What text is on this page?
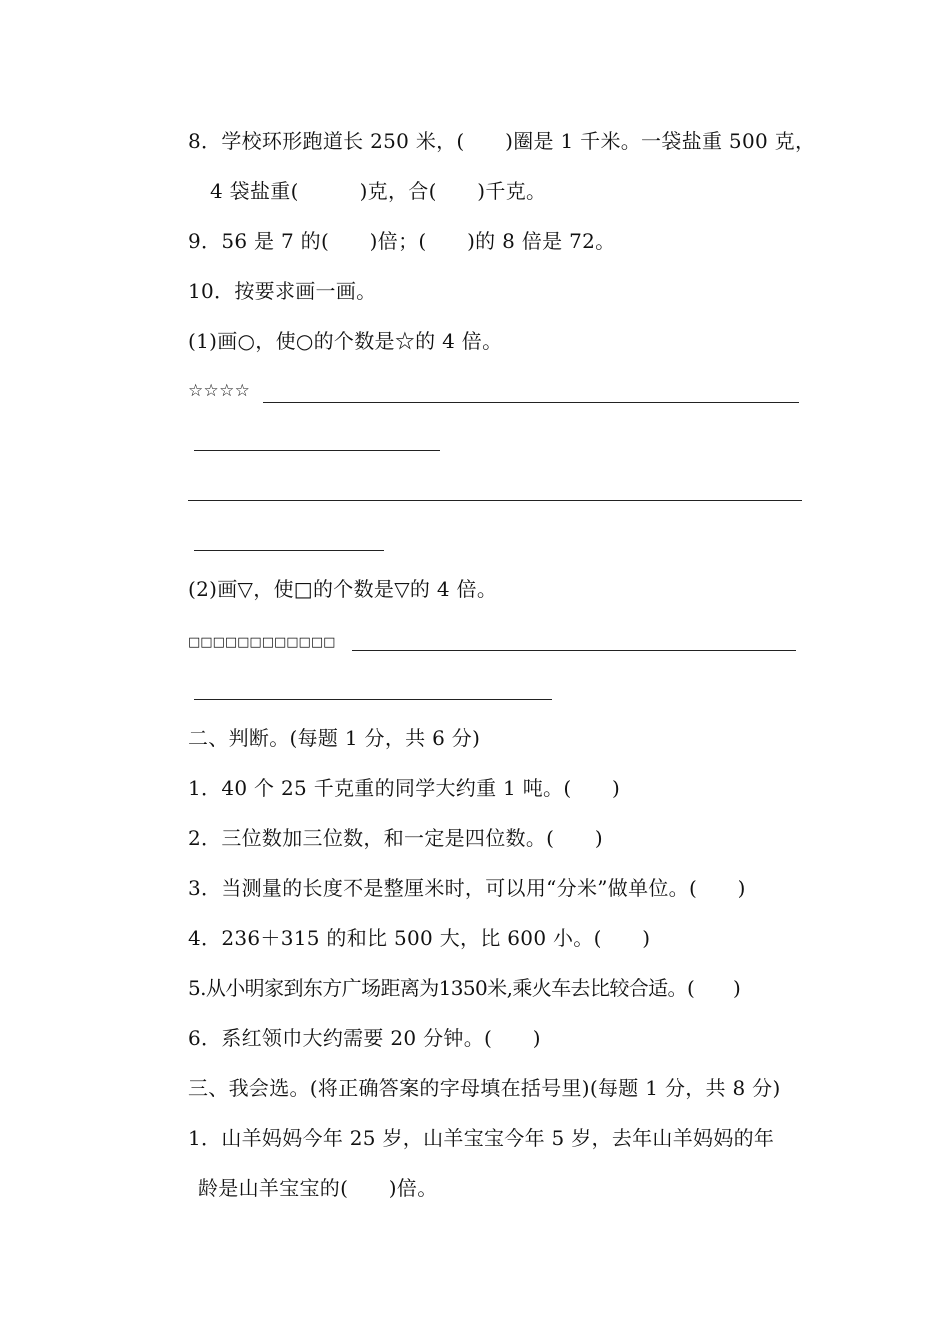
8．学校环形跑道长 250 米，(　　)圈是 1 千米。一袋盐重 500 克，
4 袋盐重(　　　)克，合(　　)千克。
9．56 是 7 的(　　)倍；(　　)的 8 倍是 72。
10．按要求画一画。
(1)画○，使○的个数是☆的 4 倍。
☆☆☆☆
(2)画▽，使□的个数是▽的 4 倍。
□□□□□□□□□□□□
二、判断。(每题 1 分，共 6 分)
1．40 个 25 千克重的同学大约重 1 吨。(　　)
2．三位数加三位数，和一定是四位数。(　　)
3．当测量的长度不是整厘米时，可以用“分米”做单位。(　　)
4．236＋315 的和比 500 大，比 600 小。(　　)
5.从小明家到东方广场距离为1350米,乘火车去比较合适。(　　)
6．系红领巾大约需要 20 分钟。(　　)
三、我会选。(将正确答案的字母填在括号里)(每题 1 分，共 8 分)
1．山羊妈妈今年 25 岁，山羊宝宝今年 5 岁，去年山羊妈妈的年
龄是山羊宝宝的(　　)倍。
